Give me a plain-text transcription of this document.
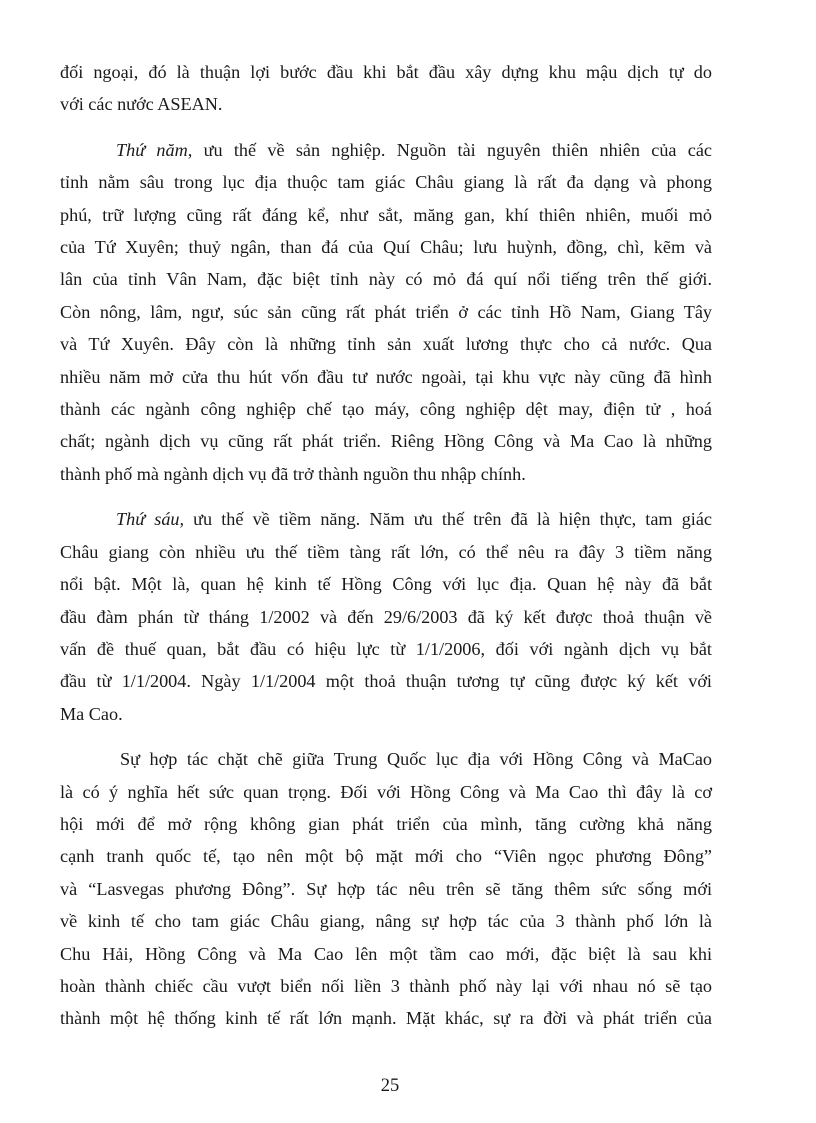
đối ngoại, đó là thuận lợi bước đầu khi bắt đầu xây dựng khu mậu dịch tự do
với các nước ASEAN.
Thứ năm, ưu thế về sản nghiệp. Nguồn tài nguyên thiên nhiên của các
tỉnh nằm sâu trong lục địa thuộc tam giác Châu giang là rất đa dạng và phong
phú, trữ lượng cũng rất đáng kể, như sắt, măng gan, khí thiên nhiên, muối mỏ
của Tứ Xuyên; thuỷ ngân, than đá của Quí Châu; lưu huỳnh, đồng, chì, kẽm và
lân của tỉnh Vân Nam, đặc biệt tỉnh này có mỏ đá quí nổi tiếng trên thế giới.
Còn nông, lâm, ngư, súc sản cũng rất phát triển ở các tỉnh Hồ Nam, Giang Tây
và Tứ Xuyên. Đây còn là những tỉnh sản xuất lương thực cho cả nước. Qua
nhiều năm mở cửa thu hút vốn đầu tư nước ngoài, tại khu vực này cũng đã hình
thành các ngành công nghiệp chế tạo máy, công nghiệp dệt may, điện tử , hoá
chất; ngành dịch vụ cũng rất phát triển. Riêng Hồng Công và Ma Cao là những
thành phố mà ngành dịch vụ đã trở thành nguồn thu nhập chính.
Thứ sáu, ưu thế về tiềm năng. Năm ưu thế trên đã là hiện thực, tam giác
Châu giang còn nhiều ưu thế tiềm tàng rất lớn, có thể nêu ra đây 3 tiềm năng
nổi bật. Một là, quan hệ kinh tế Hồng Công với lục địa. Quan hệ này đã bắt
đầu đàm phán từ tháng 1/2002 và đến 29/6/2003 đã ký kết được thoả thuận về
vấn đề thuế quan, bắt đầu có hiệu lực từ 1/1/2006, đối với ngành dịch vụ bắt
đầu từ 1/1/2004. Ngày 1/1/2004 một thoả thuận tương tự cũng được ký kết với
Ma Cao.
Sự hợp tác chặt chẽ giữa Trung Quốc lục địa với Hồng Công và MaCao
là có ý nghĩa hết sức quan trọng. Đối với Hồng Công và Ma Cao thì đây là cơ
hội mới để mở rộng không gian phát triển của mình, tăng cường khả năng
cạnh tranh quốc tế, tạo nên một bộ mặt mới cho “Viên ngọc phương Đông”
và “Lasvegas phương Đông”. Sự hợp tác nêu trên sẽ tăng thêm sức sống mới
về kinh tế cho tam giác Châu giang, nâng sự hợp tác của 3 thành phố lớn là
Chu Hải, Hồng Công và Ma Cao lên một tầm cao mới, đặc biệt là sau khi
hoàn thành chiếc cầu vượt biển nối liền 3 thành phố này lại với nhau nó sẽ tạo
thành một hệ thống kinh tế rất lớn mạnh. Mặt khác, sự ra đời và phát triển của
25
